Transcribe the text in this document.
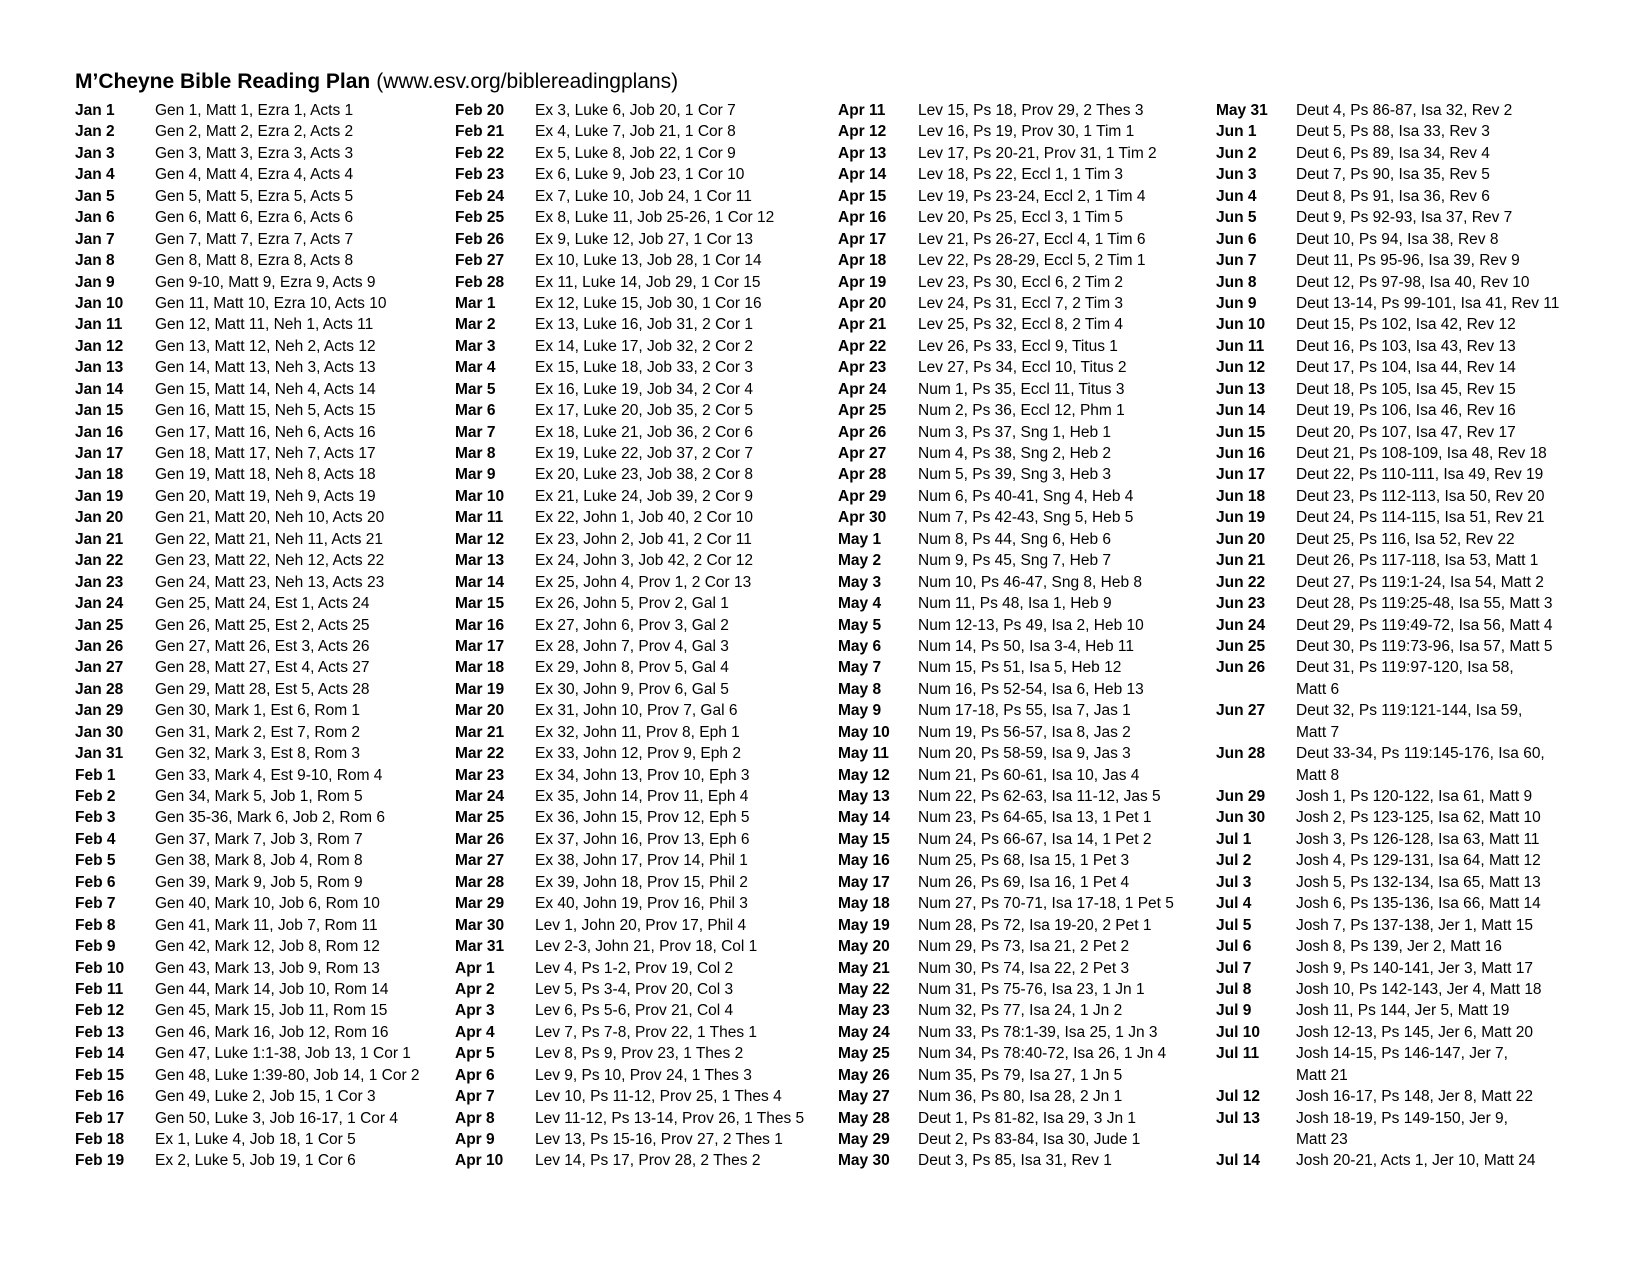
M’Cheyne Bible Reading Plan (www.esv.org/biblereadingplans)
Jan 1	Gen 1, Matt 1, Ezra 1, Acts 1
Jan 2	Gen 2, Matt 2, Ezra 2, Acts 2
Jan 3	Gen 3, Matt 3, Ezra 3, Acts 3
Jan 4	Gen 4, Matt 4, Ezra 4, Acts 4
Jan 5	Gen 5, Matt 5, Ezra 5, Acts 5
Jan 6	Gen 6, Matt 6, Ezra 6, Acts 6
Jan 7	Gen 7, Matt 7, Ezra 7, Acts 7
Jan 8	Gen 8, Matt 8, Ezra 8, Acts 8
Jan 9	Gen 9-10, Matt 9, Ezra 9, Acts 9
Jan 10 Gen 11, Matt 10, Ezra 10, Acts 10
Jan 11 Gen 12, Matt 11, Neh 1, Acts 11
Jan 12 Gen 13, Matt 12, Neh 2, Acts 12
Jan 13 Gen 14, Matt 13, Neh 3, Acts 13
Jan 14 Gen 15, Matt 14, Neh 4, Acts 14
Jan 15 Gen 16, Matt 15, Neh 5, Acts 15
Jan 16 Gen 17, Matt 16, Neh 6, Acts 16
Jan 17 Gen 18, Matt 17, Neh 7, Acts 17
Jan 18 Gen 19, Matt 18, Neh 8, Acts 18
Jan 19 Gen 20, Matt 19, Neh 9, Acts 19
Jan 20 Gen 21, Matt 20, Neh 10, Acts 20
Jan 21 Gen 22, Matt 21, Neh 11, Acts 21
Jan 22 Gen 23, Matt 22, Neh 12, Acts 22
Jan 23 Gen 24, Matt 23, Neh 13, Acts 23
Jan 24 Gen 25, Matt 24, Est 1, Acts 24
Jan 25 Gen 26, Matt 25, Est 2, Acts 25
Jan 26 Gen 27, Matt 26, Est 3, Acts 26
Jan 27 Gen 28, Matt 27, Est 4, Acts 27
Jan 28 Gen 29, Matt 28, Est 5, Acts 28
Jan 29 Gen 30, Mark 1, Est 6, Rom 1
Jan 30 Gen 31, Mark 2, Est 7, Rom 2
Jan 31 Gen 32, Mark 3, Est 8, Rom 3
Feb 1	Gen 33, Mark 4, Est 9-10, Rom 4
Feb 2	Gen 34, Mark 5, Job 1, Rom 5
Feb 3	Gen 35-36, Mark 6, Job 2, Rom 6
Feb 4	Gen 37, Mark 7, Job 3, Rom 7
Feb 5	Gen 38, Mark 8, Job 4, Rom 8
Feb 6	Gen 39, Mark 9, Job 5, Rom 9
Feb 7	Gen 40, Mark 10, Job 6, Rom 10
Feb 8	Gen 41, Mark 11, Job 7, Rom 11
Feb 9	Gen 42, Mark 12, Job 8, Rom 12
Feb 10 Gen 43, Mark 13, Job 9, Rom 13
Feb 11 Gen 44, Mark 14, Job 10, Rom 14
Feb 12 Gen 45, Mark 15, Job 11, Rom 15
Feb 13 Gen 46, Mark 16, Job 12, Rom 16
Feb 14 Gen 47, Luke 1:1-38, Job 13, 1 Cor 1
Feb 15 Gen 48, Luke 1:39-80, Job 14, 1 Cor 2
Feb 16 Gen 49, Luke 2, Job 15, 1 Cor 3
Feb 17 Gen 50, Luke 3, Job 16-17, 1 Cor 4
Feb 18 Ex 1, Luke 4, Job 18, 1 Cor 5
Feb 19 Ex 2, Luke 5, Job 19, 1 Cor 6
Feb 20 Ex 3, Luke 6, Job 20, 1 Cor 7
Feb 21 Ex 4, Luke 7, Job 21, 1 Cor 8
Feb 22 Ex 5, Luke 8, Job 22, 1 Cor 9
Feb 23 Ex 6, Luke 9, Job 23, 1 Cor 10
Feb 24 Ex 7, Luke 10, Job 24, 1 Cor 11
Feb 25 Ex 8, Luke 11, Job 25-26, 1 Cor 12
Feb 26 Ex 9, Luke 12, Job 27, 1 Cor 13
Feb 27 Ex 10, Luke 13, Job 28, 1 Cor 14
Feb 28 Ex 11, Luke 14, Job 29, 1 Cor 15
Mar 1	Ex 12, Luke 15, Job 30, 1 Cor 16
Mar 2	Ex 13, Luke 16, Job 31, 2 Cor 1
Mar 3	Ex 14, Luke 17, Job 32, 2 Cor 2
Mar 4	Ex 15, Luke 18, Job 33, 2 Cor 3
Mar 5	Ex 16, Luke 19, Job 34, 2 Cor 4
Mar 6	Ex 17, Luke 20, Job 35, 2 Cor 5
Mar 7	Ex 18, Luke 21, Job 36, 2 Cor 6
Mar 8	Ex 19, Luke 22, Job 37, 2 Cor 7
Mar 9	Ex 20, Luke 23, Job 38, 2 Cor 8
Mar 10 Ex 21, Luke 24, Job 39, 2 Cor 9
Mar 11 Ex 22, John 1, Job 40, 2 Cor 10
Mar 12 Ex 23, John 2, Job 41, 2 Cor 11
Mar 13 Ex 24, John 3, Job 42, 2 Cor 12
Mar 14 Ex 25, John 4, Prov 1, 2 Cor 13
Mar 15 Ex 26, John 5, Prov 2, Gal 1
Mar 16 Ex 27, John 6, Prov 3, Gal 2
Mar 17 Ex 28, John 7, Prov 4, Gal 3
Mar 18 Ex 29, John 8, Prov 5, Gal 4
Mar 19 Ex 30, John 9, Prov 6, Gal 5
Mar 20 Ex 31, John 10, Prov 7, Gal 6
Mar 21 Ex 32, John 11, Prov 8, Eph 1
Mar 22 Ex 33, John 12, Prov 9, Eph 2
Mar 23 Ex 34, John 13, Prov 10, Eph 3
Mar 24 Ex 35, John 14, Prov 11, Eph 4
Mar 25 Ex 36, John 15, Prov 12, Eph 5
Mar 26 Ex 37, John 16, Prov 13, Eph 6
Mar 27 Ex 38, John 17, Prov 14, Phil 1
Mar 28 Ex 39, John 18, Prov 15, Phil 2
Mar 29 Ex 40, John 19, Prov 16, Phil 3
Mar 30 Lev 1, John 20, Prov 17, Phil 4
Mar 31 Lev 2-3, John 21, Prov 18, Col 1
Apr 1	Lev 4, Ps 1-2, Prov 19, Col 2
Apr 2	Lev 5, Ps 3-4, Prov 20, Col 3
Apr 3	Lev 6, Ps 5-6, Prov 21, Col 4
Apr 4	Lev 7, Ps 7-8, Prov 22, 1 Thes 1
Apr 5	Lev 8, Ps 9, Prov 23, 1 Thes 2
Apr 6	Lev 9, Ps 10, Prov 24, 1 Thes 3
Apr 7	Lev 10, Ps 11-12, Prov 25, 1 Thes 4
Apr 8	Lev 11-12, Ps 13-14, Prov 26, 1 Thes 5
Apr 9	Lev 13, Ps 15-16, Prov 27, 2 Thes 1
Apr 10 Lev 14, Ps 17, Prov 28, 2 Thes 2
Apr 11 Lev 15, Ps 18, Prov 29, 2 Thes 3
Apr 12 Lev 16, Ps 19, Prov 30, 1 Tim 1
Apr 13 Lev 17, Ps 20-21, Prov 31, 1 Tim 2
Apr 14 Lev 18, Ps 22, Eccl 1, 1 Tim 3
Apr 15 Lev 19, Ps 23-24, Eccl 2, 1 Tim 4
Apr 16 Lev 20, Ps 25, Eccl 3, 1 Tim 5
Apr 17 Lev 21, Ps 26-27, Eccl 4, 1 Tim 6
Apr 18 Lev 22, Ps 28-29, Eccl 5, 2 Tim 1
Apr 19 Lev 23, Ps 30, Eccl 6, 2 Tim 2
Apr 20 Lev 24, Ps 31, Eccl 7, 2 Tim 3
Apr 21 Lev 25, Ps 32, Eccl 8, 2 Tim 4
Apr 22 Lev 26, Ps 33, Eccl 9, Titus 1
Apr 23 Lev 27, Ps 34, Eccl 10, Titus 2
Apr 24 Num 1, Ps 35, Eccl 11, Titus 3
Apr 25 Num 2, Ps 36, Eccl 12, Phm 1
Apr 26 Num 3, Ps 37, Sng 1, Heb 1
Apr 27 Num 4, Ps 38, Sng 2, Heb 2
Apr 28 Num 5, Ps 39, Sng 3, Heb 3
Apr 29 Num 6, Ps 40-41, Sng 4, Heb 4
Apr 30 Num 7, Ps 42-43, Sng 5, Heb 5
May 1 Num 8, Ps 44, Sng 6, Heb 6
May 2 Num 9, Ps 45, Sng 7, Heb 7
May 3 Num 10, Ps 46-47, Sng 8, Heb 8
May 4 Num 11, Ps 48, Isa 1, Heb 9
May 5 Num 12-13, Ps 49, Isa 2, Heb 10
May 6 Num 14, Ps 50, Isa 3-4, Heb 11
May 7 Num 15, Ps 51, Isa 5, Heb 12
May 8 Num 16, Ps 52-54, Isa 6, Heb 13
May 9 Num 17-18, Ps 55, Isa 7, Jas 1
May 10 Num 19, Ps 56-57, Isa 8, Jas 2
May 11 Num 20, Ps 58-59, Isa 9, Jas 3
May 12 Num 21, Ps 60-61, Isa 10, Jas 4
May 13 Num 22, Ps 62-63, Isa 11-12, Jas 5
May 14 Num 23, Ps 64-65, Isa 13, 1 Pet 1
May 15 Num 24, Ps 66-67, Isa 14, 1 Pet 2
May 16 Num 25, Ps 68, Isa 15, 1 Pet 3
May 17 Num 26, Ps 69, Isa 16, 1 Pet 4
May 18 Num 27, Ps 70-71, Isa 17-18, 1 Pet 5
May 19 Num 28, Ps 72, Isa 19-20, 2 Pet 1
May 20 Num 29, Ps 73, Isa 21, 2 Pet 2
May 21 Num 30, Ps 74, Isa 22, 2 Pet 3
May 22 Num 31, Ps 75-76, Isa 23, 1 Jn 1
May 23 Num 32, Ps 77, Isa 24, 1 Jn 2
May 24 Num 33, Ps 78:1-39, Isa 25, 1 Jn 3
May 25 Num 34, Ps 78:40-72, Isa 26, 1 Jn 4
May 26 Num 35, Ps 79, Isa 27, 1 Jn 5
May 27 Num 36, Ps 80, Isa 28, 2 Jn 1
May 28 Deut 1, Ps 81-82, Isa 29, 3 Jn 1
May 29 Deut 2, Ps 83-84, Isa 30, Jude 1
May 30 Deut 3, Ps 85, Isa 31, Rev 1
May 31 Deut 4, Ps 86-87, Isa 32, Rev 2
Jun 1	Deut 5, Ps 88, Isa 33, Rev 3
Jun 2	Deut 6, Ps 89, Isa 34, Rev 4
Jun 3	Deut 7, Ps 90, Isa 35, Rev 5
Jun 4	Deut 8, Ps 91, Isa 36, Rev 6
Jun 5	Deut 9, Ps 92-93, Isa 37, Rev 7
Jun 6	Deut 10, Ps 94, Isa 38, Rev 8
Jun 7	Deut 11, Ps 95-96, Isa 39, Rev 9
Jun 8	Deut 12, Ps 97-98, Isa 40, Rev 10
Jun 9	Deut 13-14, Ps 99-101, Isa 41, Rev 11
Jun 10 Deut 15, Ps 102, Isa 42, Rev 12
Jun 11 Deut 16, Ps 103, Isa 43, Rev 13
Jun 12 Deut 17, Ps 104, Isa 44, Rev 14
Jun 13 Deut 18, Ps 105, Isa 45, Rev 15
Jun 14 Deut 19, Ps 106, Isa 46, Rev 16
Jun 15 Deut 20, Ps 107, Isa 47, Rev 17
Jun 16 Deut 21, Ps 108-109, Isa 48, Rev 18
Jun 17 Deut 22, Ps 110-111, Isa 49, Rev 19
Jun 18 Deut 23, Ps 112-113, Isa 50, Rev 20
Jun 19 Deut 24, Ps 114-115, Isa 51, Rev 21
Jun 20 Deut 25, Ps 116, Isa 52, Rev 22
Jun 21 Deut 26, Ps 117-118, Isa 53, Matt 1
Jun 22 Deut 27, Ps 119:1-24, Isa 54, Matt 2
Jun 23 Deut 28, Ps 119:25-48, Isa 55, Matt 3
Jun 24 Deut 29, Ps 119:49-72, Isa 56, Matt 4
Jun 25 Deut 30, Ps 119:73-96, Isa 57, Matt 5
Jun 26 Deut 31, Ps 119:97-120, Isa 58,
Matt 6
Jun 27 Deut 32, Ps 119:121-144, Isa 59,
Matt 7
Jun 28 Deut 33-34, Ps 119:145-176, Isa 60,
Matt 8
Jun 29 Josh 1, Ps 120-122, Isa 61, Matt 9
Jun 30 Josh 2, Ps 123-125, Isa 62, Matt 10
Jul 1	Josh 3, Ps 126-128, Isa 63, Matt 11
Jul 2	Josh 4, Ps 129-131, Isa 64, Matt 12
Jul 3	Josh 5, Ps 132-134, Isa 65, Matt 13
Jul 4	Josh 6, Ps 135-136, Isa 66, Matt 14
Jul 5	Josh 7, Ps 137-138, Jer 1, Matt 15
Jul 6	Josh 8, Ps 139, Jer 2, Matt 16
Jul 7	Josh 9, Ps 140-141, Jer 3, Matt 17
Jul 8	Josh 10, Ps 142-143, Jer 4, Matt 18
Jul 9	Josh 11, Ps 144, Jer 5, Matt 19
Jul 10 Josh 12-13, Ps 145, Jer 6, Matt 20
Jul 11 Josh 14-15, Ps 146-147, Jer 7,
Matt 21
Jul 12 Josh 16-17, Ps 148, Jer 8, Matt 22
Jul 13 Josh 18-19, Ps 149-150, Jer 9,
Matt 23
Jul 14 Josh 20-21, Acts 1, Jer 10, Matt 24
